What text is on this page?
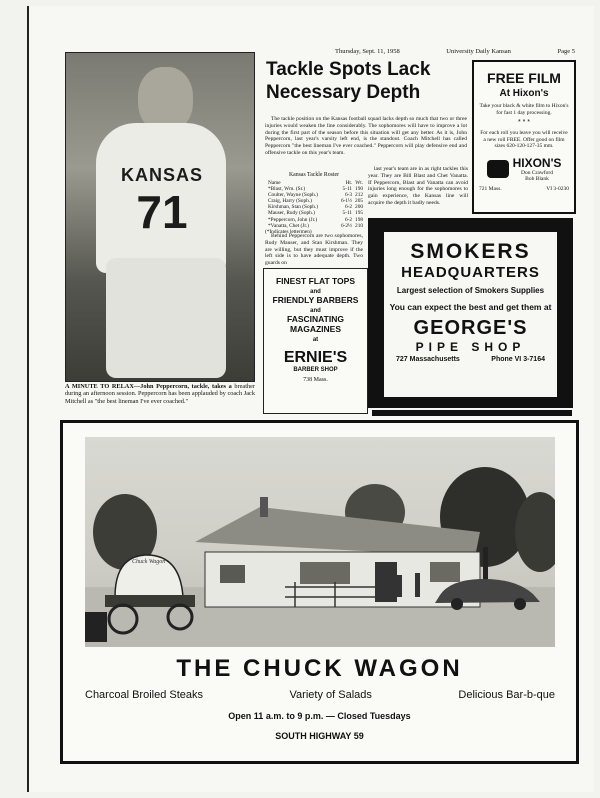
Thursday, Sept. 11, 1958	University Daily Kansan	Page 5
KANSAS
71
A MINUTE TO RELAX—John Peppercorn, tackle, takes a breather during an afternoon session. Peppercorn has been applauded by coach Jack Mitchell as "the best lineman I've ever coached."
Tackle Spots Lack
Necessary Depth
The tackle position on the Kansas football squad lacks depth so much that two or three injuries would weaken the line considerably. The sophomores will have to improve a lot during the first part of the season before this situation will get any better. As it is, John Peppercorn, last year's varsity left end, is the standout. Coach Mitchell has called Peppercorn "the best lineman I've ever coached." Peppercorn will play defensive end and offensive tackle on this year's team.
Kansas Tackle Roster
Name	Ht. Wt.
*Blast, Wm. (Sr.)	5-11 190
Coulter, Wayne (Soph.)	6-3 212
Craig, Harry (Soph.)	6-1½ 205
Kirshman, Stan (Soph.)	6-2 200
Mauser, Rudy (Soph.)	5-11 195
*Peppercorn, John (Jr.)	6-2 198
*Vanatta, Chet (Jr.)	6-2½ 210
(*Indicates lettermen)
last year's team are in as right tackles this year. They are Bill Blast and Chet Vanatta. If Peppercorn, Blast and Vanatta can avoid injuries long enough for the sophomores to gain experience, the Kansas line will acquire the depth it badly needs.
Behind Peppercorn are two sophomores, Rudy Mauser, and Stan Kirshman. They are willing, but they must improve if the left side is to have adequate depth. Two guards on
FREE FILM
At Hixon's
Take your black & white film to Hixon's for fast 1 day processing.
* * *
For each roll you leave you will receive a new roll FREE. Offer good on film sizes 620-120-127-35 mm.
HIXON'S
Don Crawford
Bob Blank
721 Mass.	VI 3-0230
FINEST FLAT TOPS
and
FRIENDLY BARBERS
and
FASCINATING MAGAZINES
at
ERNIE'S
BARBER SHOP
738 Mass.
SMOKERS
HEADQUARTERS
Largest selection of Smokers Supplies
You can expect the best and get them at
GEORGE'S
PIPE SHOP
727 Massachusetts	Phone VI 3-7164
Chuck Wagon
THE CHUCK WAGON
Charcoal Broiled Steaks	Variety of Salads	Delicious Bar-b-que
Open 11 a.m. to 9 p.m. — Closed Tuesdays
SOUTH HIGHWAY 59
